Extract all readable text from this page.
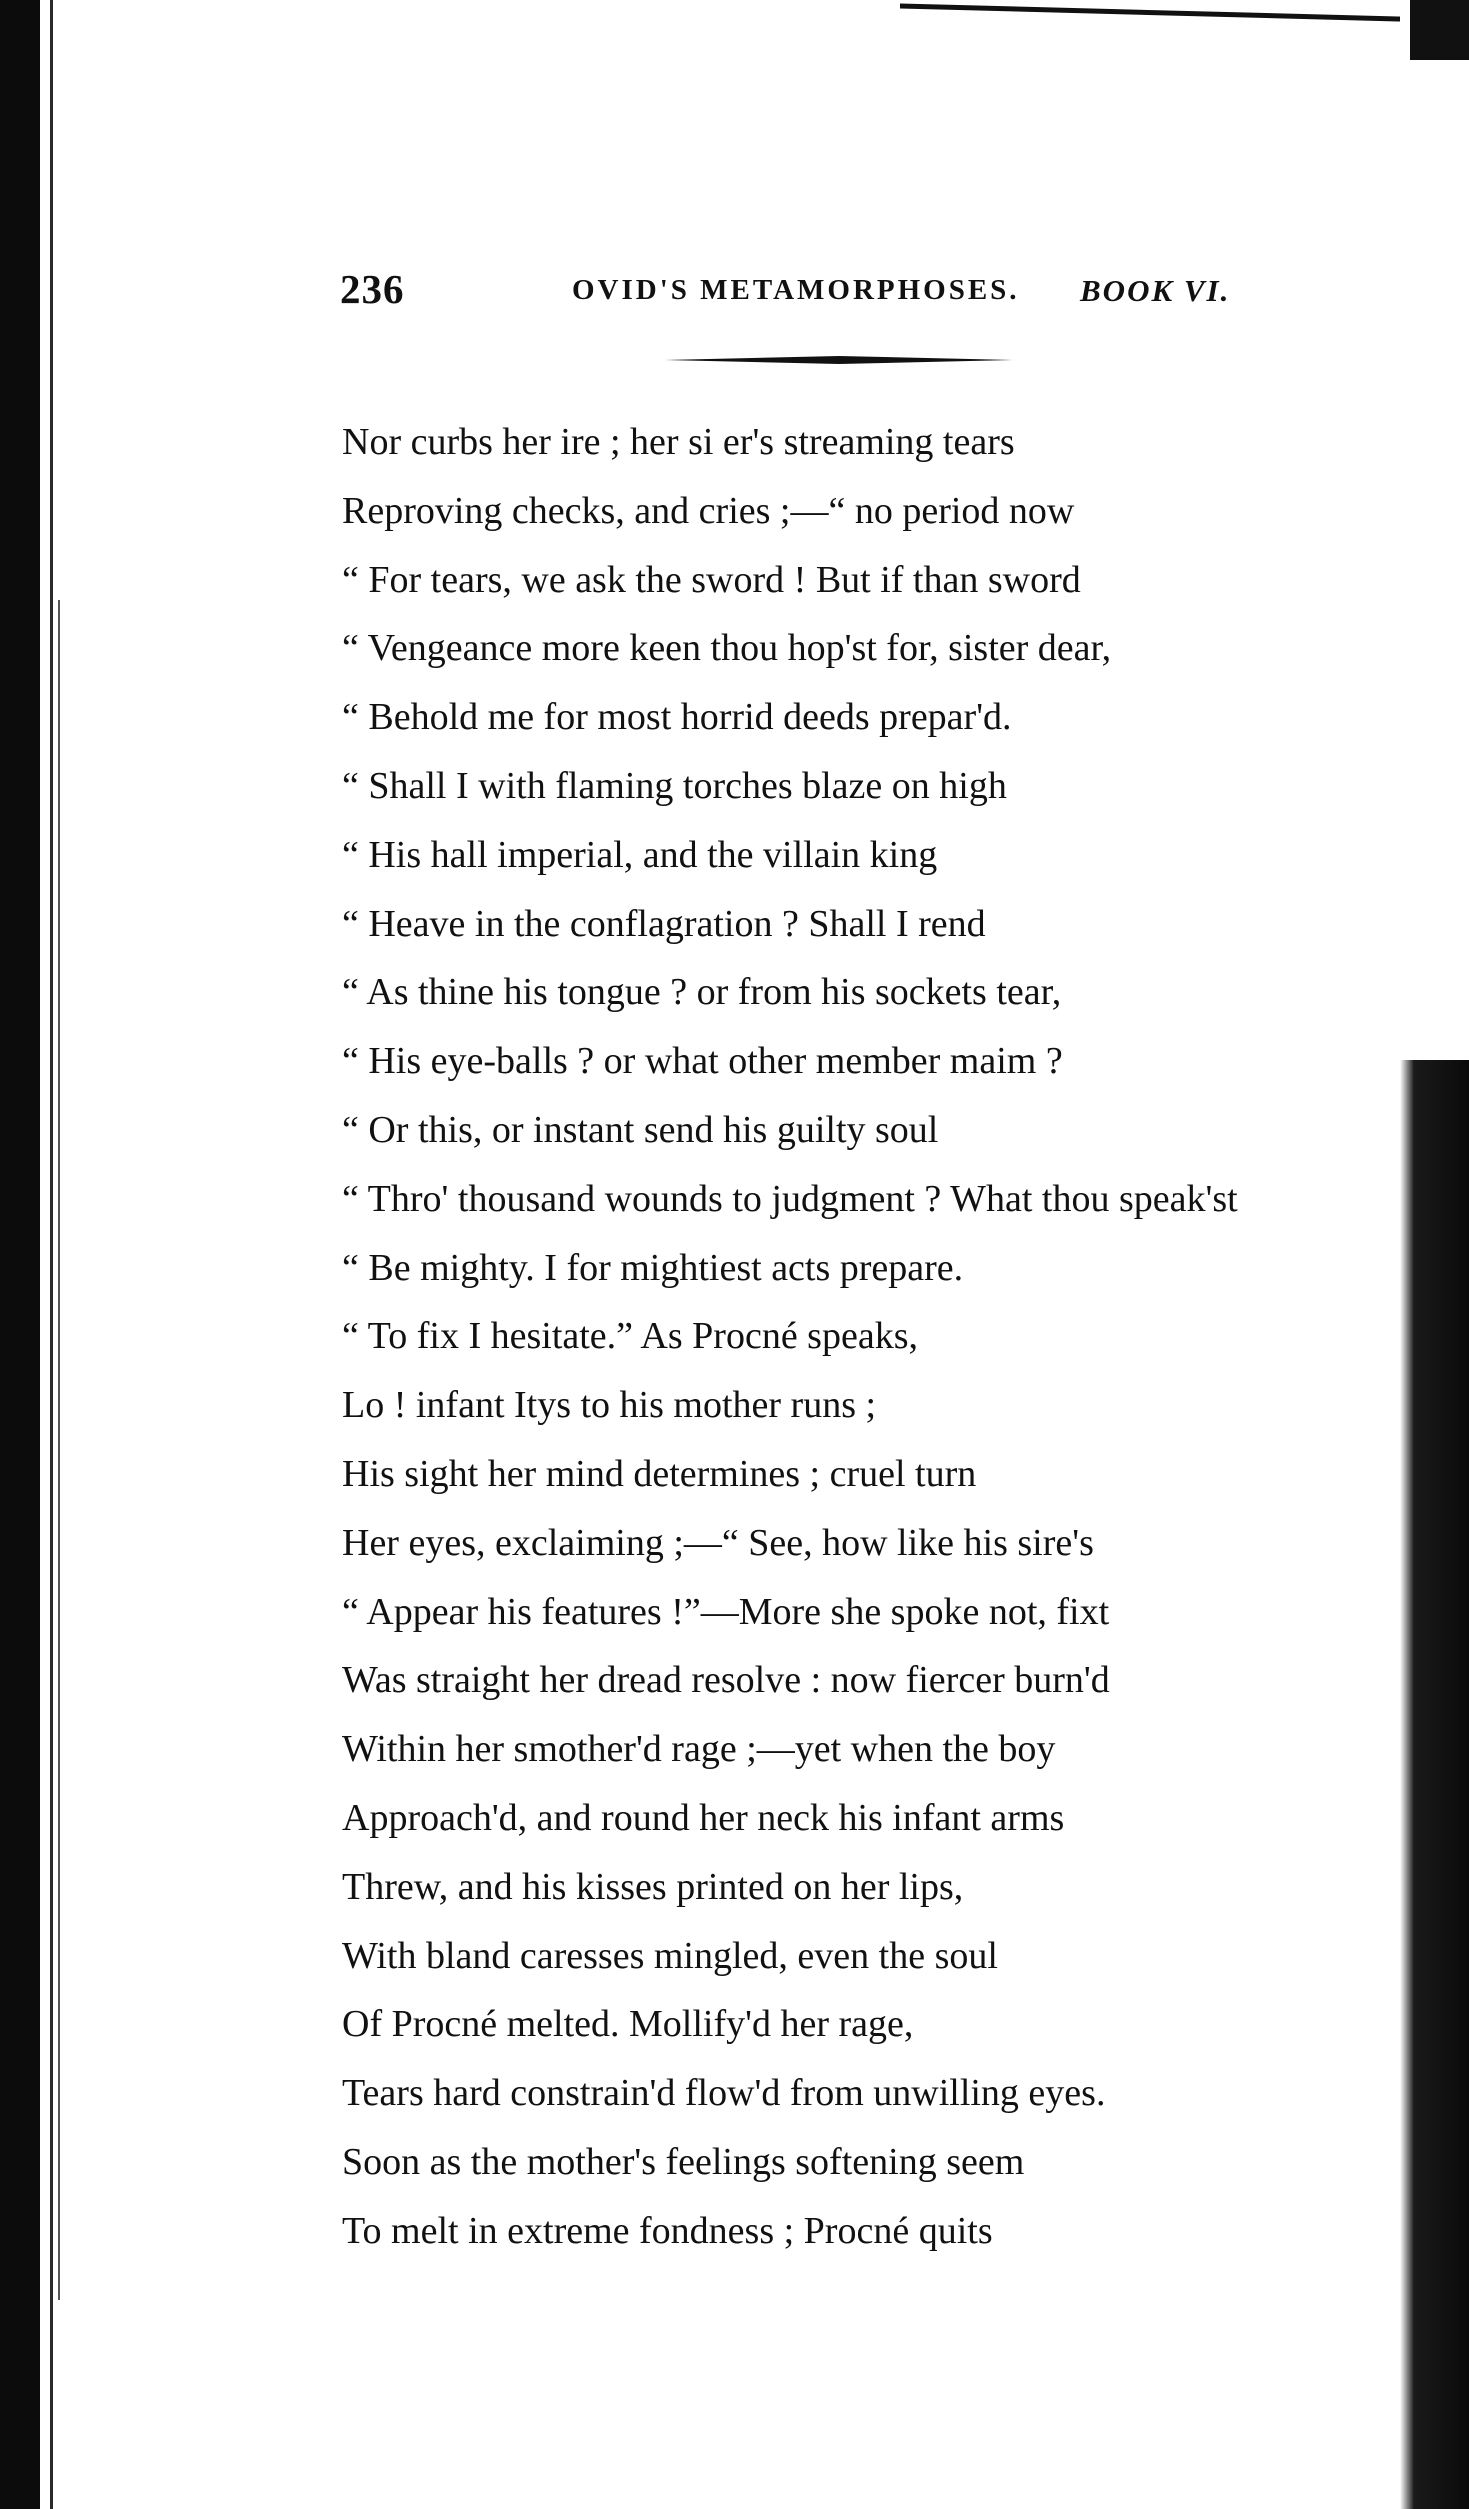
236	OVID'S METAMORPHOSES. BOOK VI.
Nor curbs her ire ; her si er's streaming tears
Reproving checks, and cries ;—“ no period now
“ For tears, we ask the sword ! But if than sword
“ Vengeance more keen thou hop'st for, sister dear,
“ Behold me for most horrid deeds prepar'd.
“ Shall I with flaming torches blaze on high
“ His hall imperial, and the villain king
“ Heave in the conflagration ? Shall I rend
“ As thine his tongue ? or from his sockets tear,
“ His eye-balls ? or what other member maim ?
“ Or this, or instant send his guilty soul
“ Thro' thousand wounds to judgment ? What thou speak'st
“ Be mighty. I for mightiest acts prepare.
“ To fix I hesitate.” As Procné speaks,
Lo ! infant Itys to his mother runs ;
His sight her mind determines ; cruel turn
Her eyes, exclaiming ;—“ See, how like his sire's
“ Appear his features !”—More she spoke not, fixt
Was straight her dread resolve : now fiercer burn'd
Within her smother'd rage ;—yet when the boy
Approach'd, and round her neck his infant arms
Threw, and his kisses printed on her lips,
With bland caresses mingled, even the soul
Of Procné melted. Mollify'd her rage,
Tears hard constrain'd flow'd from unwilling eyes.
Soon as the mother's feelings softening seem
To melt in extreme fondness ; Procné quits
